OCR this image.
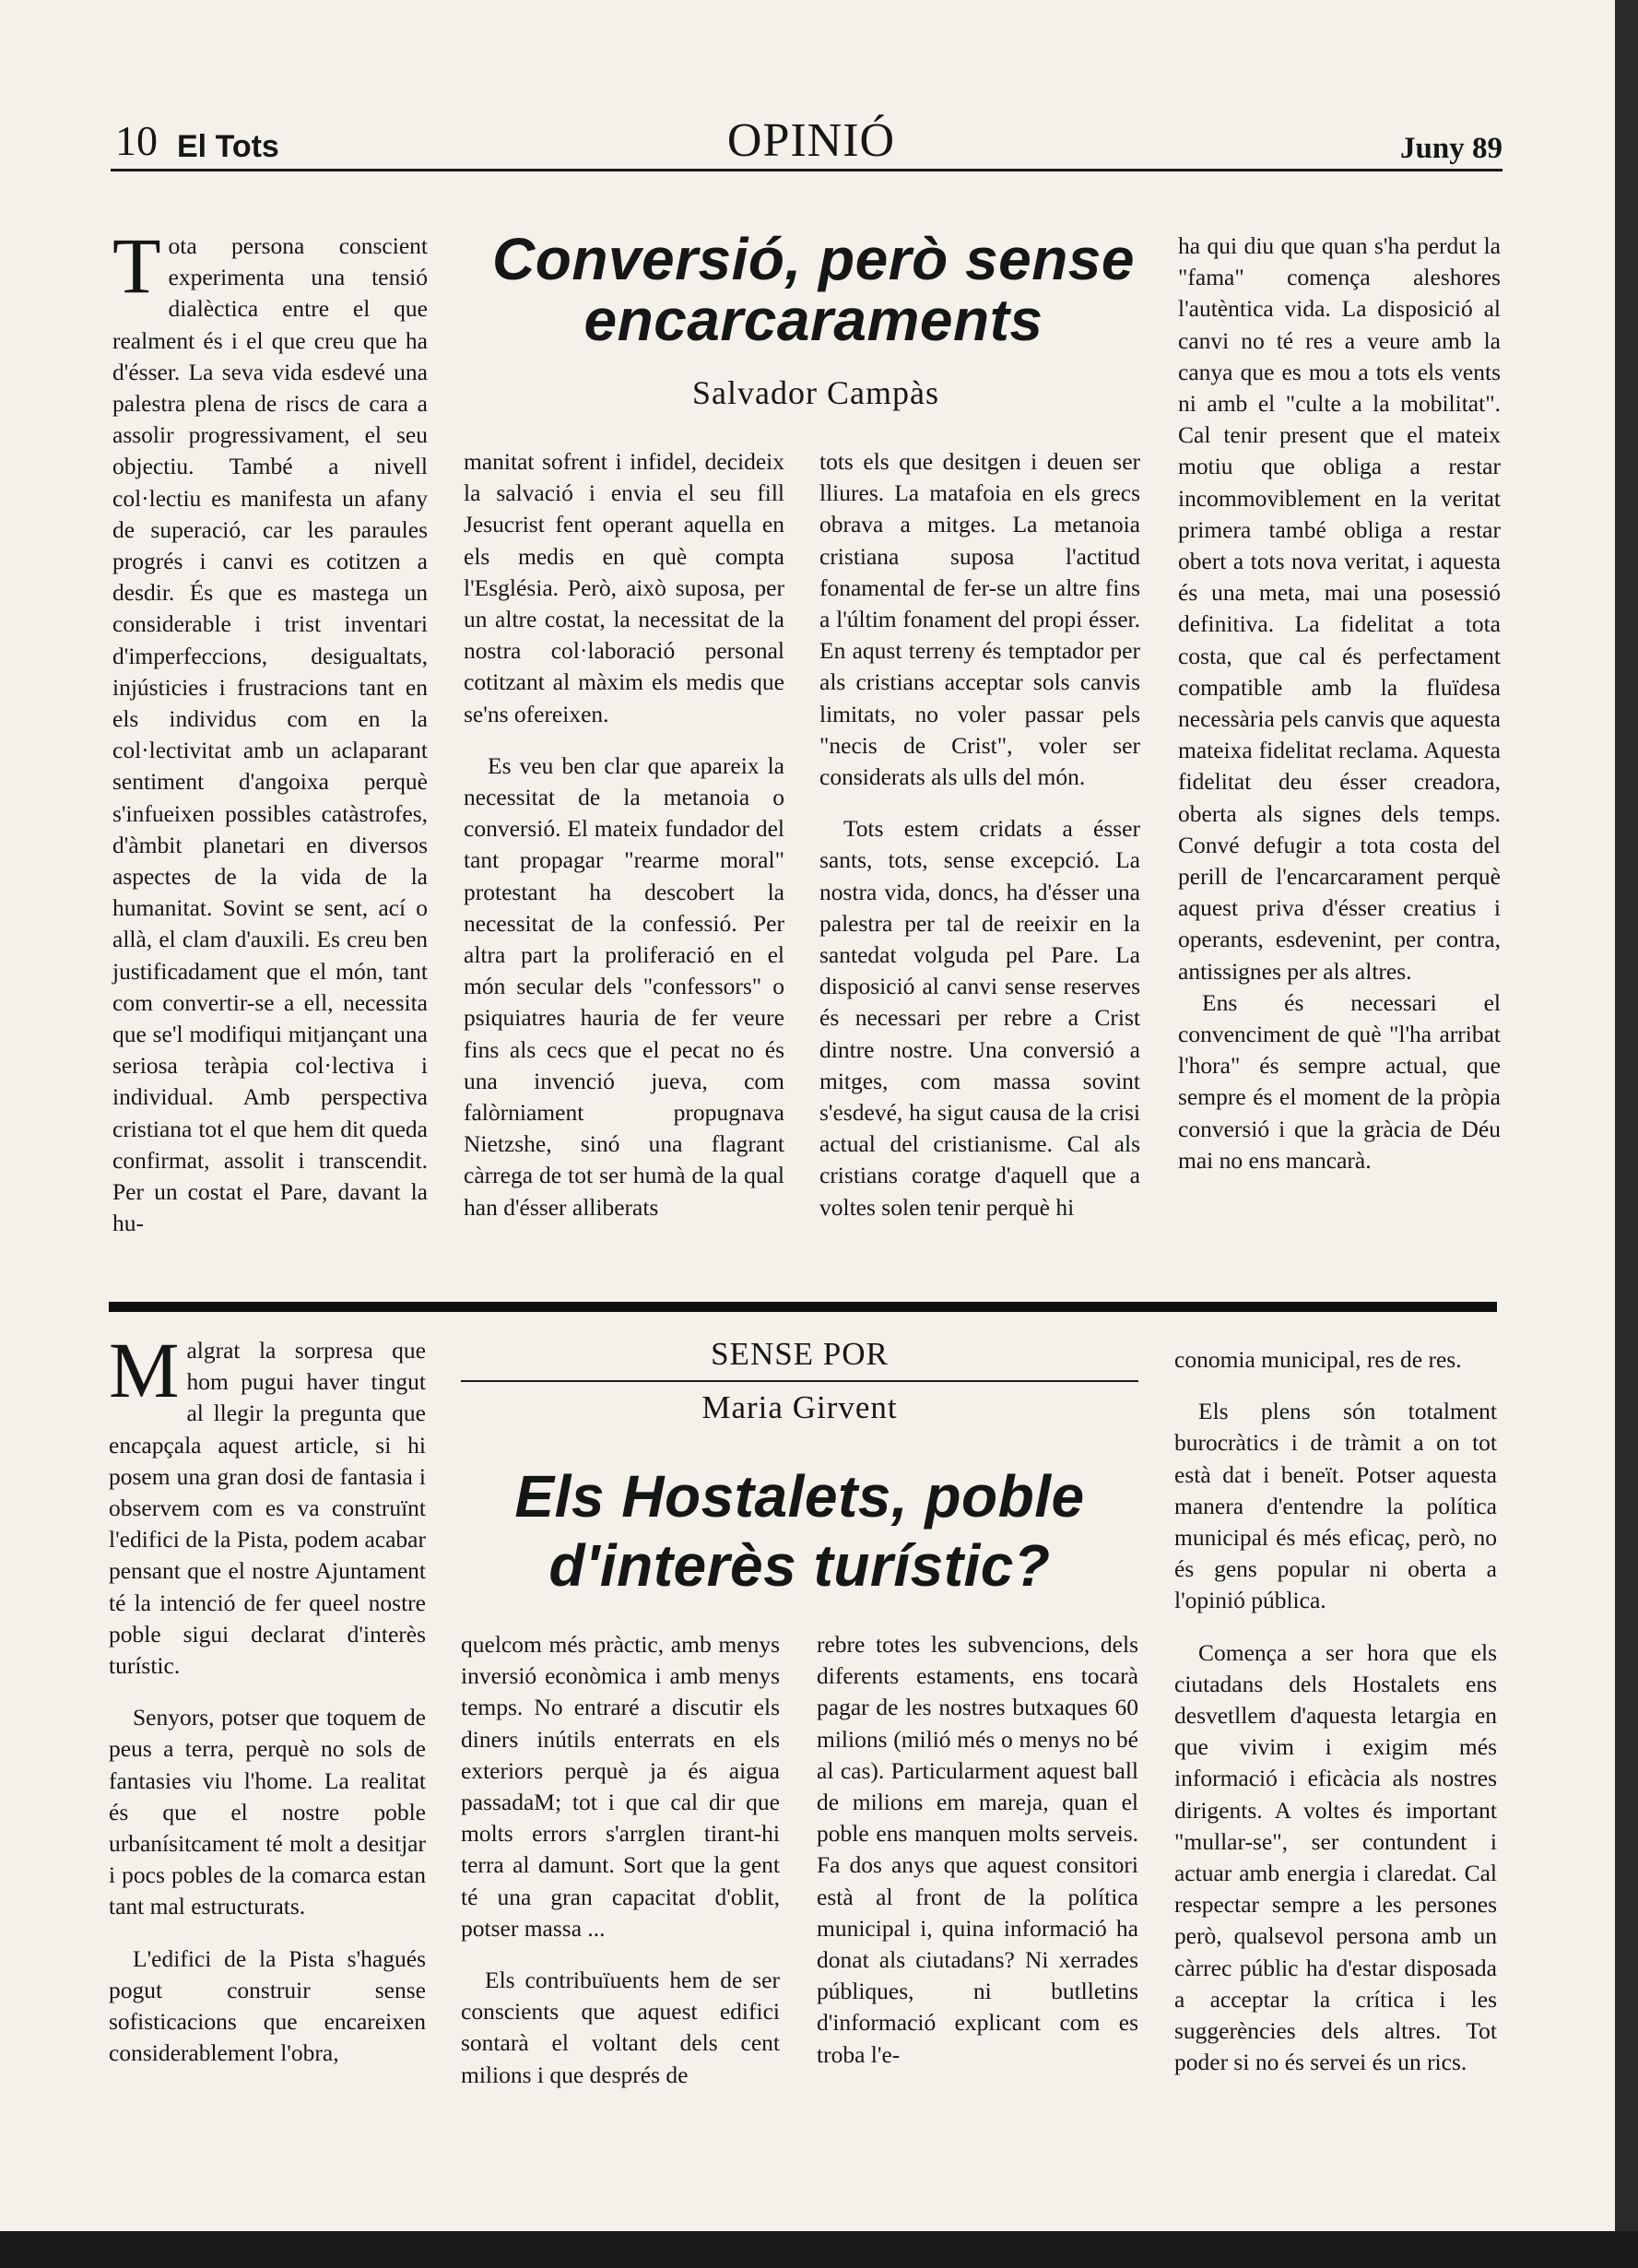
10 El Tots	OPINIÓ	Juny 89
Conversió, però sense
encarcaraments
Salvador Campàs

Tota persona conscient experimenta una tensió dialèctica entre el que realment és i el que creu que ha d'ésser. La seva vida esdevé una palestra plena de riscs de cara a assolir progressivament, el seu objectiu. També a nivell col·lectiu es manifesta un afany de superació, car les paraules progrés i canvi es cotitzen a desdir. És que es mastega un considerable i trist inventari d'imperfeccions, desigualtats, injústicies i frustracions tant en els individus com en la col·lectivitat amb un aclaparant sentiment d'angoixa perquè s'infueixen possibles catàstrofes, d'àmbit planetari en diversos aspectes de la vida de la humanitat. Sovint se sent, ací o allà, el clam d'auxili. Es creu ben justificadament que el món, tant com convertir-se a ell, necessita que se'l modifiqui mitjançant una seriosa teràpia col·lectiva i individual. Amb perspectiva cristiana tot el que hem dit queda confirmat, assolit i transcendit. Per un costat el Pare, davant la hu-

manitat sofrent i infidel, decideix la salvació i envia el seu fill Jesucrist fent operant aquella en els medis en què compta l'Església. Però, això suposa, per un altre costat, la necessitat de la nostra col·laboració personal cotitzant al màxim els medis que se'ns ofereixen.

Es veu ben clar que apareix la necessitat de la metanoia o conversió. El mateix fundador del tant propagar "rearme moral" protestant ha descobert la necessitat de la confessió. Per altra part la proliferació en el món secular dels "confessors" o psiquiatres hauria de fer veure fins als cecs que el pecat no és una invenció jueva, com falòrniament propugnava Nietzshe, sinó una flagrant càrrega de tot ser humà de la qual han d'ésser alliberats

tots els que desitgen i deuen ser lliures. La matafoia en els grecs obrava a mitges. La metanoia cristiana suposa l'actitud fonamental de fer-se un altre fins a l'últim fonament del propi ésser. En aqust terreny és temptador per als cristians acceptar sols canvis limitats, no voler passar pels "necis de Crist", voler ser considerats als ulls del món.

Tots estem cridats a ésser sants, tots, sense excepció. La nostra vida, doncs, ha d'ésser una palestra per tal de reeixir en la santedat volguda pel Pare. La disposició al canvi sense reserves és necessari per rebre a Crist dintre nostre. Una conversió a mitges, com massa sovint s'esdevé, ha sigut causa de la crisi actual del cristianisme. Cal als cristians coratge d'aquell que a voltes solen tenir perquè hi

ha qui diu que quan s'ha perdut la "fama" comença aleshores l'autèntica vida. La disposició al canvi no té res a veure amb la canya que es mou a tots els vents ni amb el "culte a la mobilitat". Cal tenir present que el mateix motiu que obliga a restar incommoviblement en la veritat primera també obliga a restar obert a tots nova veritat, i aquesta és una meta, mai una posessió definitiva. La fidelitat a tota costa, que cal és perfectament compatible amb la fluïdesa necessària pels canvis que aquesta mateixa fidelitat reclama. Aquesta fidelitat deu ésser creadora, oberta als signes dels temps. Convé defugir a tota costa del perill de l'encarcarament perquè aquest priva d'ésser creatius i operants, esdevenint, per contra, antissignes per als altres.

Ens és necessari el convenciment de què "l'ha arribat l'hora" és sempre actual, que sempre és el moment de la pròpia conversió i que la gràcia de Déu mai no ens mancarà.

SENSE POR
Maria Girvent
Els Hostalets, poble
d'interès turístic?

Malgrat la sorpresa que hom pugui haver tingut al llegir la pregunta que encapçala aquest article, si hi posem una gran dosi de fantasia i observem com es va construïnt l'edifici de la Pista, podem acabar pensant que el nostre Ajuntament té la intenció de fer queel nostre poble sigui declarat d'interès turístic.

Senyors, potser que toquem de peus a terra, perquè no sols de fantasies viu l'home. La realitat és que el nostre poble urbanísitcament té molt a desitjar i pocs pobles de la comarca estan tant mal estructurats.

L'edifici de la Pista s'hagués pogut construir sense sofisticacions que encareixen considerablement l'obra,

quelcom més pràctic, amb menys inversió econòmica i amb menys temps. No entraré a discutir els diners inútils enterrats en els exteriors perquè ja és aigua passadaM; tot i que cal dir que molts errors s'arrglen tirant-hi terra al damunt. Sort que la gent té una gran capacitat d'oblit, potser massa ...

Els contribuïuents hem de ser conscients que aquest edifici sontarà el voltant dels cent milions i que després de

rebre totes les subvencions, dels diferents estaments, ens tocarà pagar de les nostres butxaques 60 milions (milió més o menys no bé al cas). Particularment aquest ball de milions em mareja, quan el poble ens manquen molts serveis. Fa dos anys que aquest consitori està al front de la política municipal i, quina informació ha donat als ciutadans? Ni xerrades públiques, ni butlletins d'informació explicant com es troba l'e-

conomia municipal, res de res.

Els plens són totalment burocràtics i de tràmit a on tot està dat i beneït. Potser aquesta manera d'entendre la política municipal és més eficaç, però, no és gens popular ni oberta a l'opinió pública.

Comença a ser hora que els ciutadans dels Hostalets ens desvetllem d'aquesta letargia en que vivim i exigim més informació i eficàcia als nostres dirigents. A voltes és important "mullar-se", ser contundent i actuar amb energia i claredat. Cal respectar sempre a les persones però, qualsevol persona amb un càrrec públic ha d'estar disposada a acceptar la crítica i les suggerències dels altres. Tot poder si no és servei és un rics.
